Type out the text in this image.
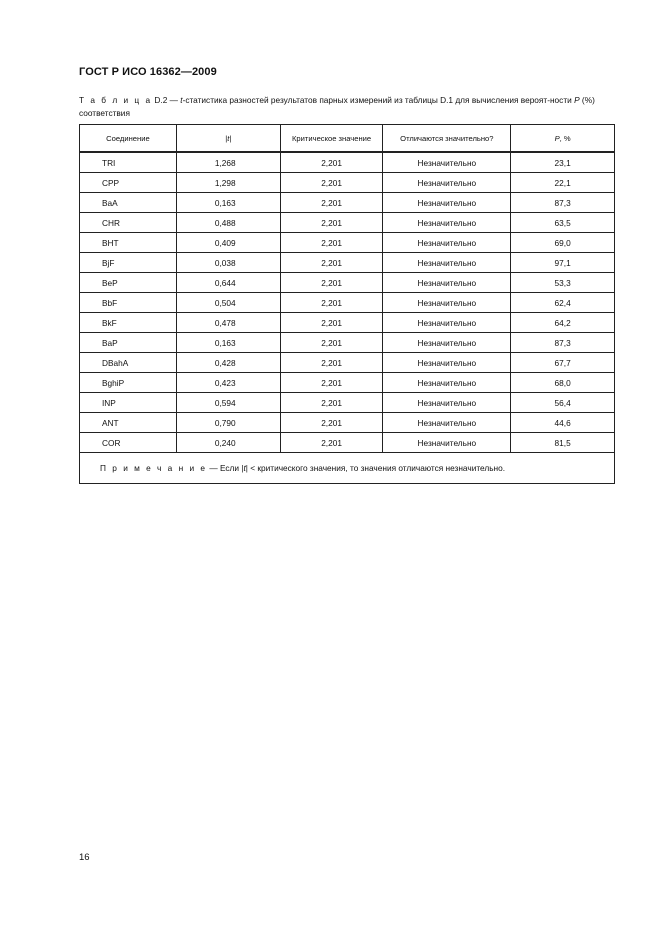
ГОСТ Р ИСО 16362—2009
Т а б л и ц а D.2 — t-статистика разностей результатов парных измерений из таблицы D.1 для вычисления вероят-ности P (%) соответствия
Соединение	|t|	Критическое значение	Отличаются значительно?	P, %
TRI	1,268	2,201	Незначительно	23,1
CPP	1,298	2,201	Незначительно	22,1
BaA	0,163	2,201	Незначительно	87,3
CHR	0,488	2,201	Незначительно	63,5
BHT	0,409	2,201	Незначительно	69,0
BjF	0,038	2,201	Незначительно	97,1
BeP	0,644	2,201	Незначительно	53,3
BbF	0,504	2,201	Незначительно	62,4
BkF	0,478	2,201	Незначительно	64,2
BaP	0,163	2,201	Незначительно	87,3
DBahA	0,428	2,201	Незначительно	67,7
BghiP	0,423	2,201	Незначительно	68,0
INP	0,594	2,201	Незначительно	56,4
ANT	0,790	2,201	Незначительно	44,6
COR	0,240	2,201	Незначительно	81,5
П р и м е ч а н и е — Если |t| < критического значения, то значения отличаются незначительно.				
16
